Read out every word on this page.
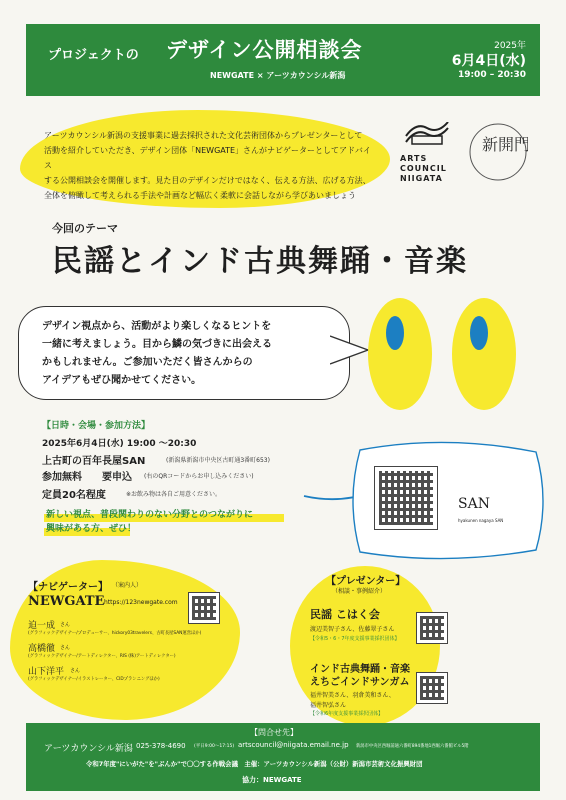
プロジェクトの デザイン公開相談会
NEWGATE × アーツカウンシル新潟
2025年
6月4日(水)
19:00 – 20:30
アーツカウンシル新潟の支援事業に過去採択された文化芸術団体からプレゼンターとして
活動を紹介していただき、デザイン団体「NEWGATE」さんがナビゲーターとしてアドバイス
する公開相談会を開催します。見た目のデザインだけではなく、伝える方法、広げる方法、
全体を俯瞰して考えられる手法や計画など幅広く柔軟に会話しながら学びあいましょう
ARTS
COUNCIL
NIIGATA
新開門
今回のテーマ
民謡とインド古典舞踊・音楽
デザイン視点から、活動がより楽しくなるヒントを
一緒に考えましょう。目から鱗の気づきに出会える
かもしれません。ご参加いただく皆さんからの
アイデアもぜひ聞かせてください。
【日時・会場・参加方法】
2025年6月4日(水) 19:00 ～20:30
上古町の百年長屋SAN	(新潟県新潟市中央区古町通3番町653)
参加無料 要申込 (右のQRコードからお申し込みください)
定員20名程度	※お飲み物は各自ご用意ください。
新しい視点、普段関わりのない分野とのつながりに
興味がある方、ぜひ！
SAN
hyakunen nagaya SAN
【ナビゲーター】 （案内人）
NEWGATE https://123newgate.com
迫一成 さん
(グラフィックデザイナー/プロデューサー、hickory03travelers、古町長屋SAN運営ほか)
高橋徹 さん
(グラフィックデザイナー/アートディレクター、RIS (株)アートディレクター)
山下洋平 さん
(グラフィックデザイナー/イラストレーター、CIDプランニングほか)
【プレゼンター】
（相談・事例紹介）
民謡 こはく会
渡辺美智子さん、佐藤翠子さん
【令和5・6・7年度支援事業採択団体】
インド古典舞踊・音楽
えちごインドサンガム
福井智美さん、羽倉美和さん、
福井智弘さん
【令和6年度支援事業採択団体】
【問合せ先】
アーツカウンシル新潟 025-378-4690 (平日9:00〜17:15) artscouncil@niigata.email.ne.jp 新潟市中央区西堀前通六番町894番地1西堀六番館ビル5階
令和7年度"にいがた"を"ぶんか"で〇〇する作戦会議　主催：アーツカウンシル新潟（公財）新潟市芸術文化振興財団
協力：NEWGATE
